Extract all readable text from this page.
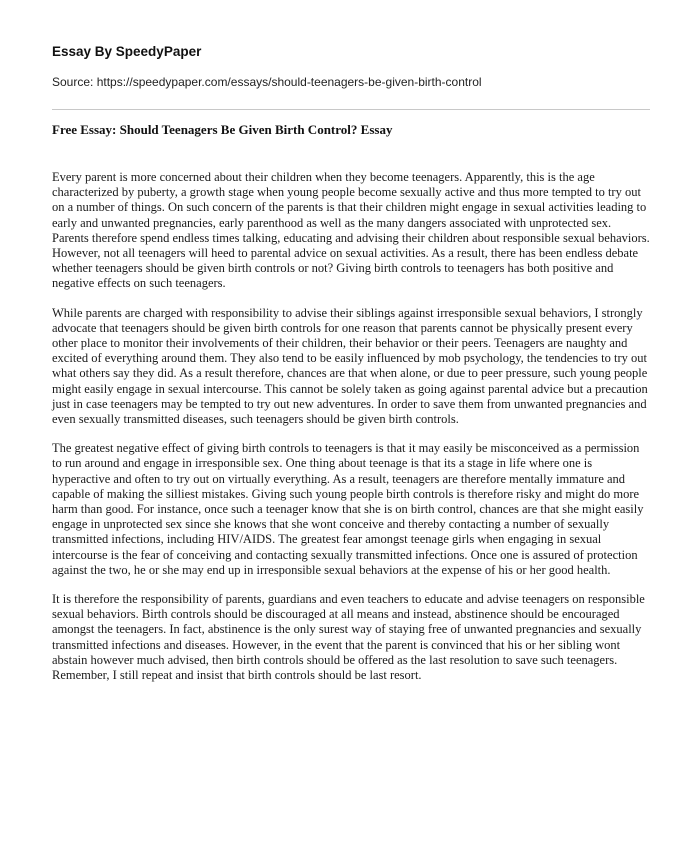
Essay By SpeedyPaper
Source: https://speedypaper.com/essays/should-teenagers-be-given-birth-control
Free Essay: Should Teenagers Be Given Birth Control? Essay

Every parent is more concerned about their children when they become teenagers. Apparently, this is the age characterized by puberty, a growth stage when young people become sexually active and thus more tempted to try out on a number of things. On such concern of the parents is that their children might engage in sexual activities leading to early and unwanted pregnancies, early parenthood as well as the many dangers associated with unprotected sex. Parents therefore spend endless times talking, educating and advising their children about responsible sexual behaviors. However, not all teenagers will heed to parental advice on sexual activities. As a result, there has been endless debate whether teenagers should be given birth controls or not? Giving birth controls to teenagers has both positive and negative effects on such teenagers.

While parents are charged with responsibility to advise their siblings against irresponsible sexual behaviors, I strongly advocate that teenagers should be given birth controls for one reason that parents cannot be physically present every other place to monitor their involvements of their children, their behavior or their peers. Teenagers are naughty and excited of everything around them. They also tend to be easily influenced by mob psychology, the tendencies to try out what others say they did. As a result therefore, chances are that when alone, or due to peer pressure, such young people might easily engage in sexual intercourse. This cannot be solely taken as going against parental advice but a precaution just in case teenagers may be tempted to try out new adventures. In order to save them from unwanted pregnancies and even sexually transmitted diseases, such teenagers should be given birth controls.

The greatest negative effect of giving birth controls to teenagers is that it may easily be misconceived as a permission to run around and engage in irresponsible sex. One thing about teenage is that its a stage in life where one is hyperactive and often to try out on virtually everything. As a result, teenagers are therefore mentally immature and capable of making the silliest mistakes. Giving such young people birth controls is therefore risky and might do more harm than good. For instance, once such a teenager know that she is on birth control, chances are that she might easily engage in unprotected sex since she knows that she wont conceive and thereby contacting a number of sexually transmitted infections, including HIV/AIDS. The greatest fear amongst teenage girls when engaging in sexual intercourse is the fear of conceiving and contacting sexually transmitted infections. Once one is assured of protection against the two, he or she may end up in irresponsible sexual behaviors at the expense of his or her good health.

It is therefore the responsibility of parents, guardians and even teachers to educate and advise teenagers on responsible sexual behaviors. Birth controls should be discouraged at all means and instead, abstinence should be encouraged amongst the teenagers. In fact, abstinence is the only surest way of staying free of unwanted pregnancies and sexually transmitted infections and diseases. However, in the event that the parent is convinced that his or her sibling wont abstain however much advised, then birth controls should be offered as the last resolution to save such teenagers. Remember, I still repeat and insist that birth controls should be last resort.
